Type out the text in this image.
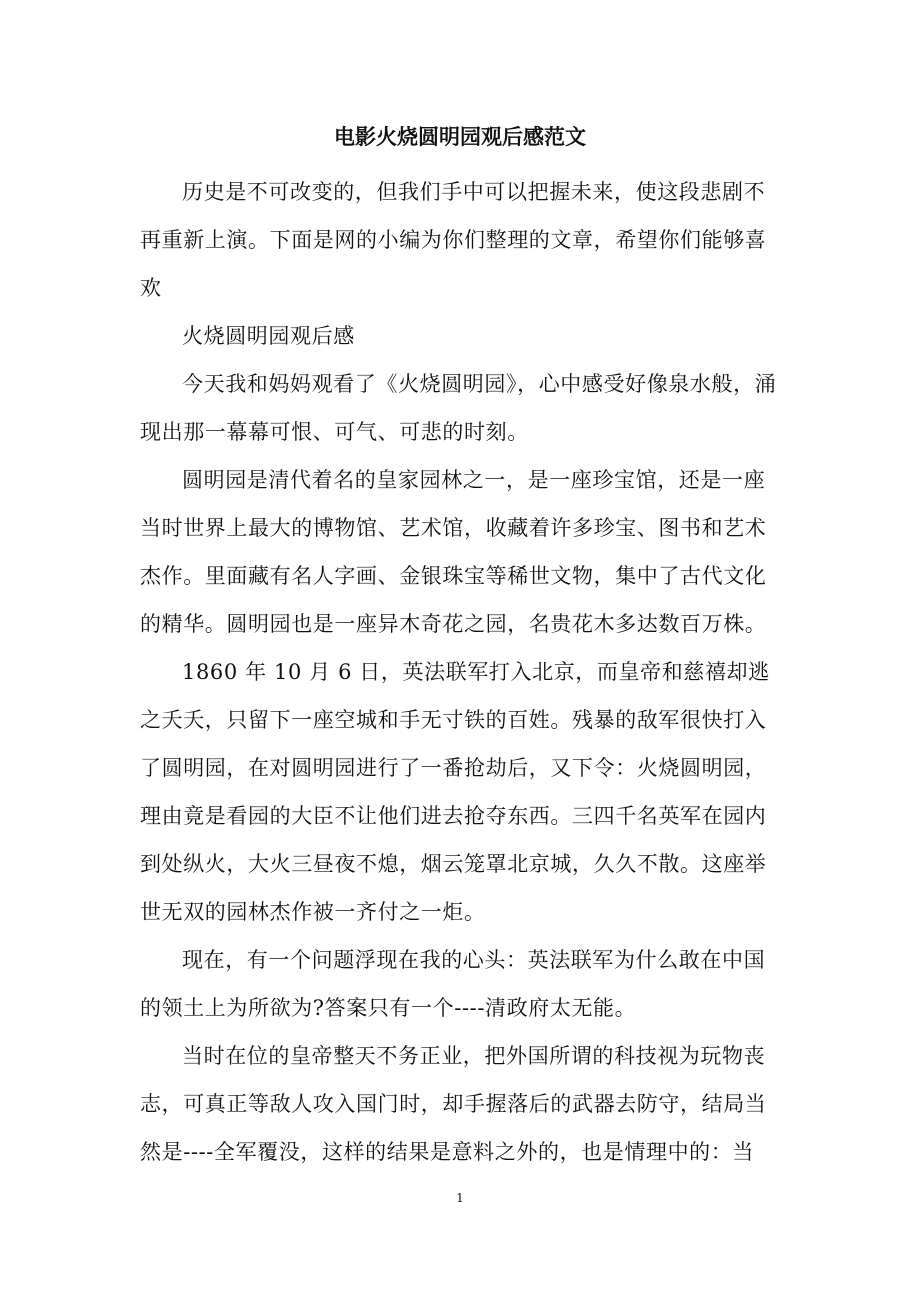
电影火烧圆明园观后感范文

历史是不可改变的，但我们手中可以把握未来，使这段悲剧不再重新上演。下面是网的小编为你们整理的文章，希望你们能够喜欢

火烧圆明园观后感

今天我和妈妈观看了《火烧圆明园》，心中感受好像泉水般，涌现出那一幕幕可恨、可气、可悲的时刻。

圆明园是清代着名的皇家园林之一，是一座珍宝馆，还是一座当时世界上最大的博物馆、艺术馆，收藏着许多珍宝、图书和艺术杰作。里面藏有名人字画、金银珠宝等稀世文物，集中了古代文化的精华。圆明园也是一座异木奇花之园，名贵花木多达数百万株。

1860 年 10 月 6 日，英法联军打入北京，而皇帝和慈禧却逃之夭夭，只留下一座空城和手无寸铁的百姓。残暴的敌军很快打入了圆明园，在对圆明园进行了一番抢劫后，又下令：火烧圆明园，理由竟是看园的大臣不让他们进去抢夺东西。三四千名英军在园内到处纵火，大火三昼夜不熄，烟云笼罩北京城，久久不散。这座举世无双的园林杰作被一齐付之一炬。

现在，有一个问题浮现在我的心头：英法联军为什么敢在中国的领土上为所欲为?答案只有一个----清政府太无能。

当时在位的皇帝整天不务正业，把外国所谓的科技视为玩物丧志，可真正等敌人攻入国门时，却手握落后的武器去防守，结局当然是----全军覆没，这样的结果是意料之外的，也是情理中的：当

1
